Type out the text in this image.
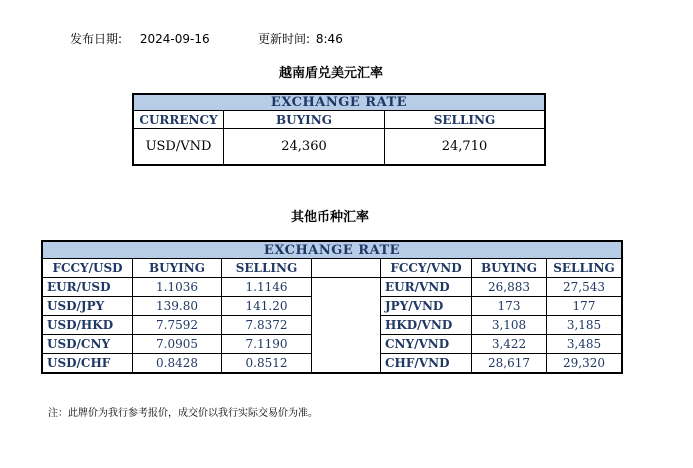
发布日期: 2024-09-16	更新时间: 8:46
越南盾兑美元汇率
EXCHANGE RATE		
CURRENCY	BUYING	SELLING
USD/VND	24,360	24,710
其他币种汇率
EXCHANGE RATE						
FCCY/USD	BUYING	SELLING		FCCY/VND	BUYING	SELLING
EUR/USD	1.1036	1.1146		EUR/VND	26,883	27,543
USD/JPY	139.80	141.20		JPY/VND	173	177
USD/HKD	7.7592	7.8372		HKD/VND	3,108	3,185
USD/CNY	7.0905	7.1190		CNY/VND	3,422	3,485
USD/CHF	0.8428	0.8512		CHF/VND	28,617	29,320
注：此牌价为我行参考报价，成交价以我行实际交易价为准。
